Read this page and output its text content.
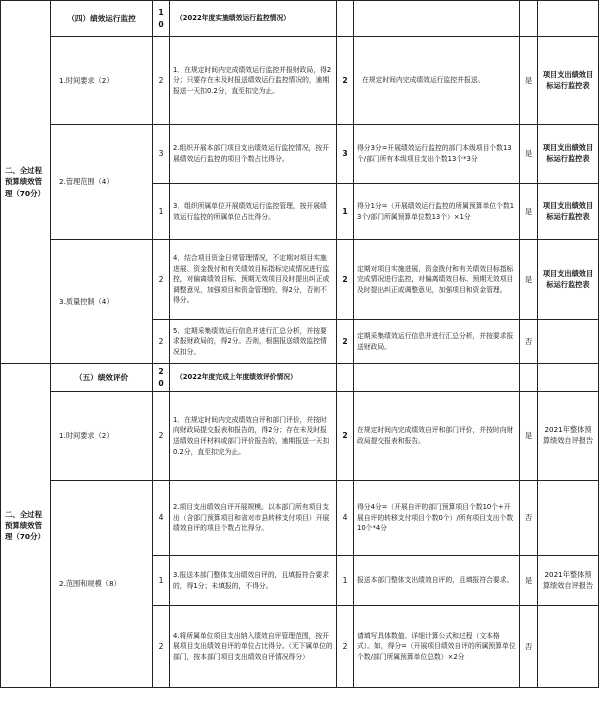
二、全过程预算绩效管理（70分）	（四）绩效运行监控	10	（2022年度实施绩效运行监控情况）				
	1.时间要求（2）	2	1．在规定时间内完成绩效运行监控并报财政局，得2分；只要存在未及时报送绩效运行监控情况的，逾期报送一天扣0.2分，直至扣完为止。	2	在规定时间内完成绩效运行监控并报送。	是	项目支出绩效目标运行监控表
	2.管理范围（4）	3	2.组织开展本部门项目支出绩效运行监控情况，按开展绩效运行监控的项目个数占比得分。	3	得分3分=开展绩效运行监控的部门本级项目个数13个/部门所有本级项目支出个数13个*3分	是	项目支出绩效目标运行监控表
		1	3．组织所属单位开展绩效运行监控管理，按开展绩效运行监控的所属单位占比得分。	1	得分1分=（开展绩效运行监控的所属预算单位个数13个/部门所属预算单位数13个）×1分	是	项目支出绩效目标运行监控表
	3.质量控制（4）	2	4．结合项目资金日常管理情况，不定期对项目实施进展、资金拨付和有关绩效目标指标完成情况进行监控，对偏离绩效目标、预期无效项目及时提出纠正或调整意见，加强项目和资金管理的，得2分，否则不得分。	2	定期对项目实施进展、资金拨付和有关绩效目标指标完成情况进行监控，对偏离绩效目标、预期无效项目及时提出纠正或调整意见，加强项目和资金管理。	是	项目支出绩效目标运行监控表
		2	5．定期采集绩效运行信息并进行汇总分析，并按要求报财政局的，得2分。否则，根据报送绩效监控情况扣分。	2	定期采集绩效运行信息并进行汇总分析，并按要求报送财政局。	否	
二、全过程预算绩效管理（70分）	（五）绩效评价	20	（2022年度完成上年度绩效评价情况）				
	1.时间要求（2）	2	1．在规定时间内完成绩效自评和部门评价，并按时向财政局提交报表和报告的，得2分；存在未及时报送绩效自评材料或部门评价报告的，逾期报送一天扣0.2分，直至扣完为止。	2	在规定时间内完成绩效自评和部门评价，并按时向财政局提交报表和报告。	是	2021年整体预算绩效自评报告
	2.范围和规模（8）	4	2.项目支出绩效自评开展规模。以本部门所有项目支出（含部门预算项目和省对市县转移支付项目）开展绩效自评的项目个数占比得分。	4	得分4分=（开展自评的部门预算项目个数10个+开展自评的转移支付项目个数0个）/所有项目支出个数10个*4分	否	
		1	3.报送本部门整体支出绩效自评的，且填报符合要求的，得1分；未填报的，不得分。	1	报送本部门整体支出绩效自评的，且填报符合要求。	是	2021年整体预算绩效自评报告
		2	4.将所属单位项目支出纳入绩效自评管理范围，按开展项目支出绩效自评的单位占比得分。（无下属单位的部门，按本部门项目支出绩效自评情况得分）	2	请填写具体数值、详细计算公式和过程（文本格式）。如，得分=（开展项目绩效自评的所属预算单位个数/部门所属预算单位总数）×2分	否	
